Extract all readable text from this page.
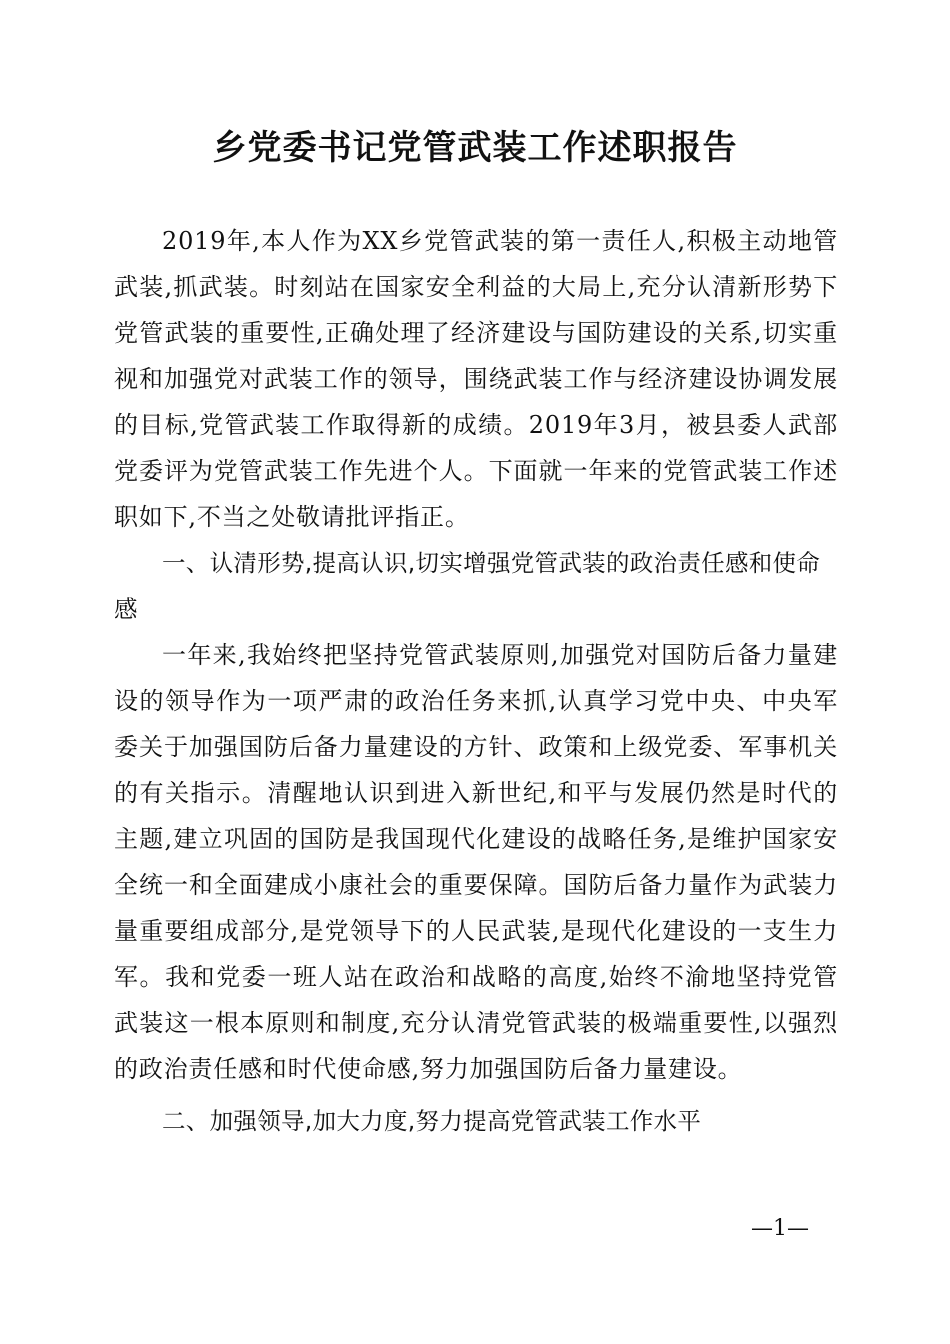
乡党委书记党管武装工作述职报告

2019年,本人作为XX乡党管武装的第一责任人,积极主动地管武装,抓武装。时刻站在国家安全利益的大局上,充分认清新形势下党管武装的重要性,正确处理了经济建设与国防建设的关系,切实重视和加强党对武装工作的领导，围绕武装工作与经济建设协调发展的目标,党管武装工作取得新的成绩。2019年3月，被县委人武部党委评为党管武装工作先进个人。下面就一年来的党管武装工作述职如下,不当之处敬请批评指正。

一、认清形势,提高认识,切实增强党管武装的政治责任感和使命感

一年来,我始终把坚持党管武装原则,加强党对国防后备力量建设的领导作为一项严肃的政治任务来抓,认真学习党中央、中央军委关于加强国防后备力量建设的方针、政策和上级党委、军事机关的有关指示。清醒地认识到进入新世纪,和平与发展仍然是时代的主题,建立巩固的国防是我国现代化建设的战略任务,是维护国家安全统一和全面建成小康社会的重要保障。国防后备力量作为武装力量重要组成部分,是党领导下的人民武装,是现代化建设的一支生力军。我和党委一班人站在政治和战略的高度,始终不渝地坚持党管武装这一根本原则和制度,充分认清党管武装的极端重要性,以强烈的政治责任感和时代使命感,努力加强国防后备力量建设。

二、加强领导,加大力度,努力提高党管武装工作水平

—1—
